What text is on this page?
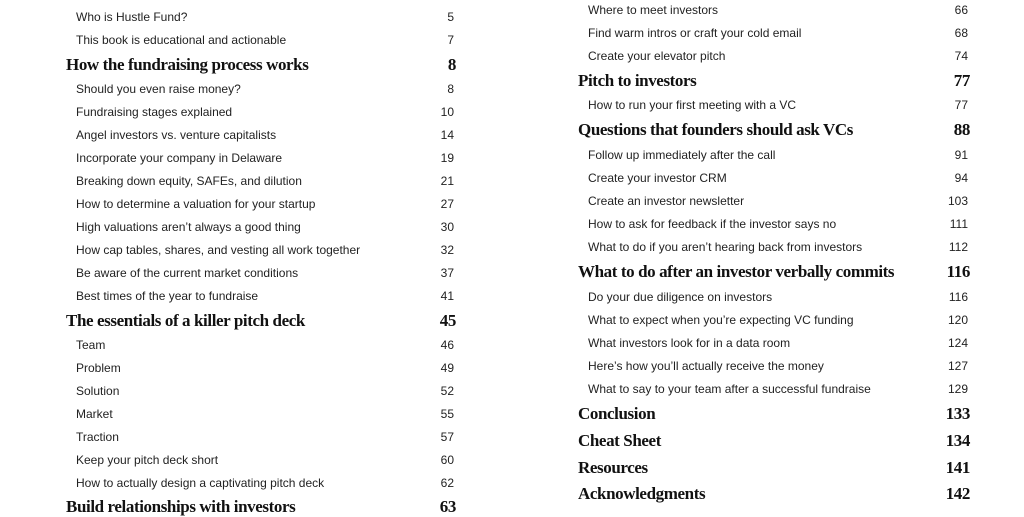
Who is Hustle Fund?	5
This book is educational and actionable	7
How the fundraising process works	8
Should you even raise money?	8
Fundraising stages explained	10
Angel investors vs. venture capitalists	14
Incorporate your company in Delaware	19
Breaking down equity, SAFEs, and dilution	21
How to determine a valuation for your startup	27
High valuations aren’t always a good thing	30
How cap tables, shares, and vesting all work together	32
Be aware of the current market conditions	37
Best times of the year to fundraise	41
The essentials of a killer pitch deck	45
Team	46
Problem	49
Solution	52
Market	55
Traction	57
Keep your pitch deck short	60
How to actually design a captivating pitch deck	62
Build relationships with investors	63
Where to meet investors	66
Find warm intros or craft your cold email	68
Create your elevator pitch	74
Pitch to investors	77
How to run your first meeting with a VC	77
Questions that founders should ask VCs	88
Follow up immediately after the call	91
Create your investor CRM	94
Create an investor newsletter	103
How to ask for feedback if the investor says no	111
What to do if you aren’t hearing back from investors	112
What to do after an investor verbally commits	116
Do your due diligence on investors	116
What to expect when you’re expecting VC funding	120
What investors look for in a data room	124
Here’s how you’ll actually receive the money	127
What to say to your team after a successful fundraise	129
Conclusion	133
Cheat Sheet	134
Resources	141
Acknowledgments	142
